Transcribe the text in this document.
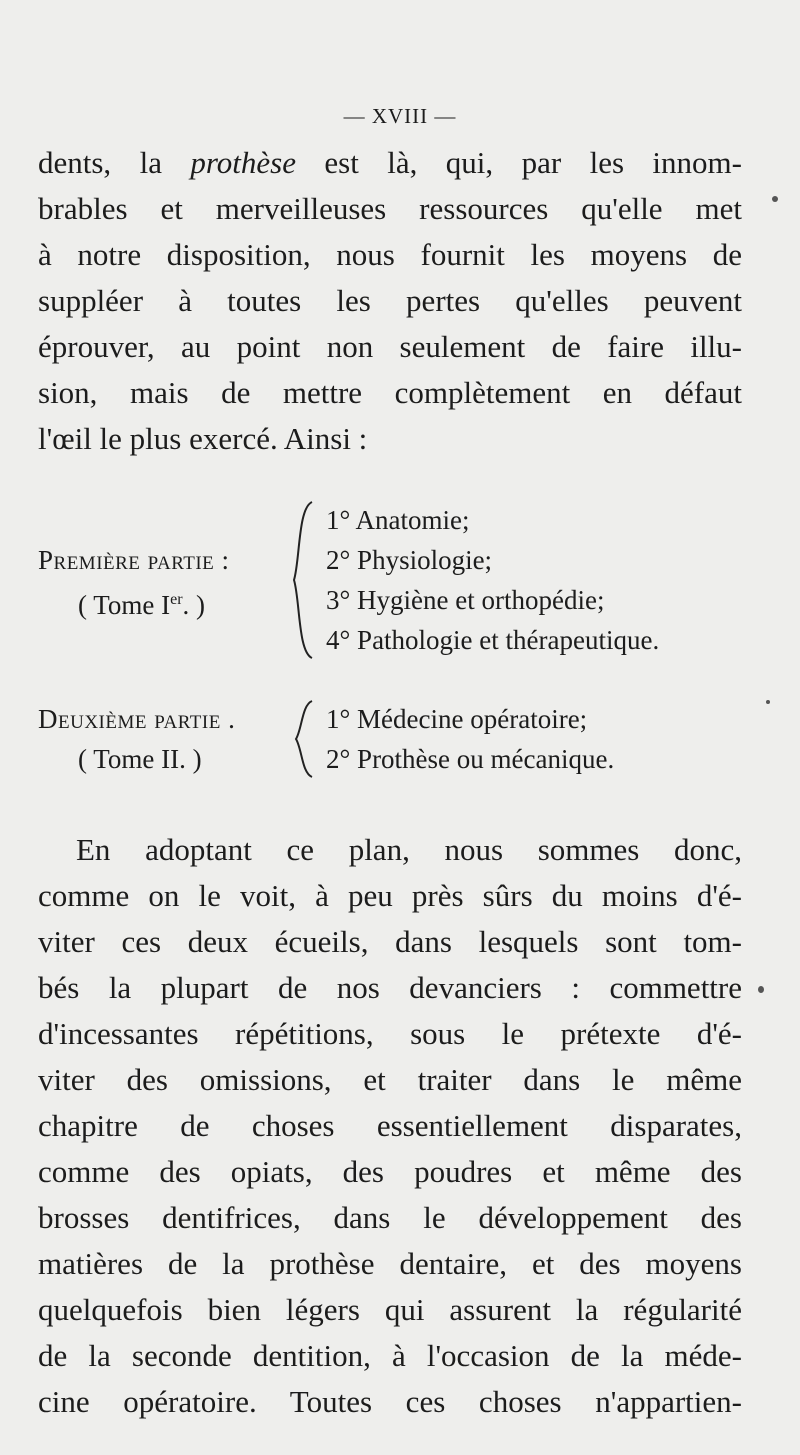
— XVIII —
dents, la prothèse est là, qui, par les innom-
brables et merveilleuses ressources qu'elle met
à notre disposition, nous fournit les moyens de
suppléer à toutes les pertes qu'elles peuvent
éprouver, au point non seulement de faire illu-
sion, mais de mettre complètement en défaut
l'œil le plus exercé. Ainsi :
Première partie :
( Tome Ier. )
1° Anatomie;
2° Physiologie;
3° Hygiène et orthopédie;
4° Pathologie et thérapeutique.
Deuxième partie .
( Tome II. )
1° Médecine opératoire;
2° Prothèse ou mécanique.
En adoptant ce plan, nous sommes donc,
comme on le voit, à peu près sûrs du moins d'é-
viter ces deux écueils, dans lesquels sont tom-
bés la plupart de nos devanciers : commettre
d'incessantes répétitions, sous le prétexte d'é-
viter des omissions, et traiter dans le même
chapitre de choses essentiellement disparates,
comme des opiats, des poudres et même des
brosses dentifrices, dans le développement des
matières de la prothèse dentaire, et des moyens
quelquefois bien légers qui assurent la régularité
de la seconde dentition, à l'occasion de la méde-
cine opératoire. Toutes ces choses n'appartien-
